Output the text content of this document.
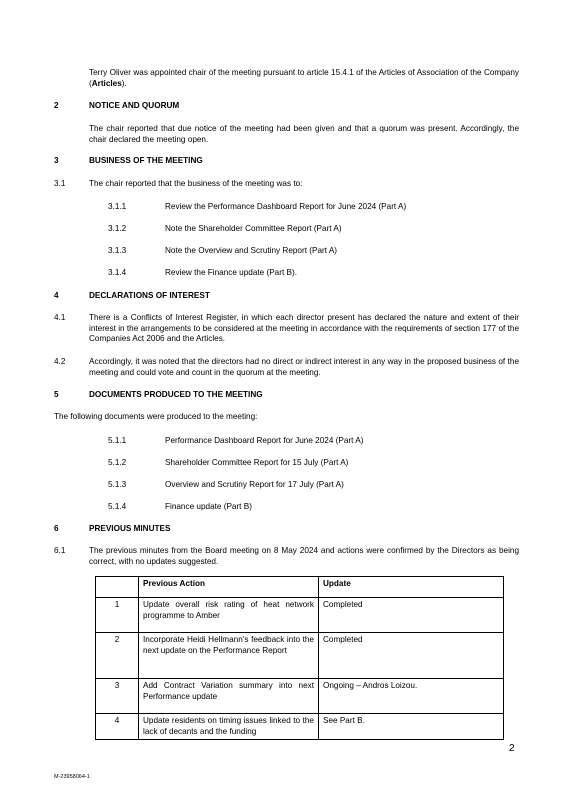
Terry Oliver was appointed chair of the meeting pursuant to article 15.4.1 of the Articles of Association of the Company (Articles).
2	NOTICE AND QUORUM
The chair reported that due notice of the meeting had been given and that a quorum was present. Accordingly, the chair declared the meeting open.
3	BUSINESS OF THE MEETING
3.1	The chair reported that the business of the meeting was to:
3.1.1	Review the Performance Dashboard Report for June 2024 (Part A)
3.1.2	Note the Shareholder Committee Report (Part A)
3.1.3	Note the Overview and Scrutiny Report (Part A)
3.1.4	Review the Finance update (Part B).
4	DECLARATIONS OF INTEREST
4.1	There is a Conflicts of Interest Register, in which each director present has declared the nature and extent of their interest in the arrangements to be considered at the meeting in accordance with the requirements of section 177 of the Companies Act 2006 and the Articles.
4.2	Accordingly, it was noted that the directors had no direct or indirect interest in any way in the proposed business of the meeting and could vote and count in the quorum at the meeting.
5	DOCUMENTS PRODUCED TO THE MEETING
The following documents were produced to the meeting:
5.1.1	Performance Dashboard Report for June 2024 (Part A)
5.1.2	Shareholder Committee Report for 15 July (Part A)
5.1.3	Overview and Scrutiny Report for 17 July (Part A)
5.1.4	Finance update (Part B)
6	PREVIOUS MINUTES
6.1	The previous minutes from the Board meeting on 8 May 2024 and actions were confirmed by the Directors as being correct, with no updates suggested.
	Previous Action	Update
1	Update overall risk rating of heat network programme to Amber	Completed
2	Incorporate Heidi Hellmann’s feedback into the next update on the Performance Report	Completed
3	Add Contract Variation summary into next Performance update	Ongoing – Andros Loizou.
4	Update residents on timing issues linked to the lack of decants and the funding	See Part B.
2
M-23958064-1
